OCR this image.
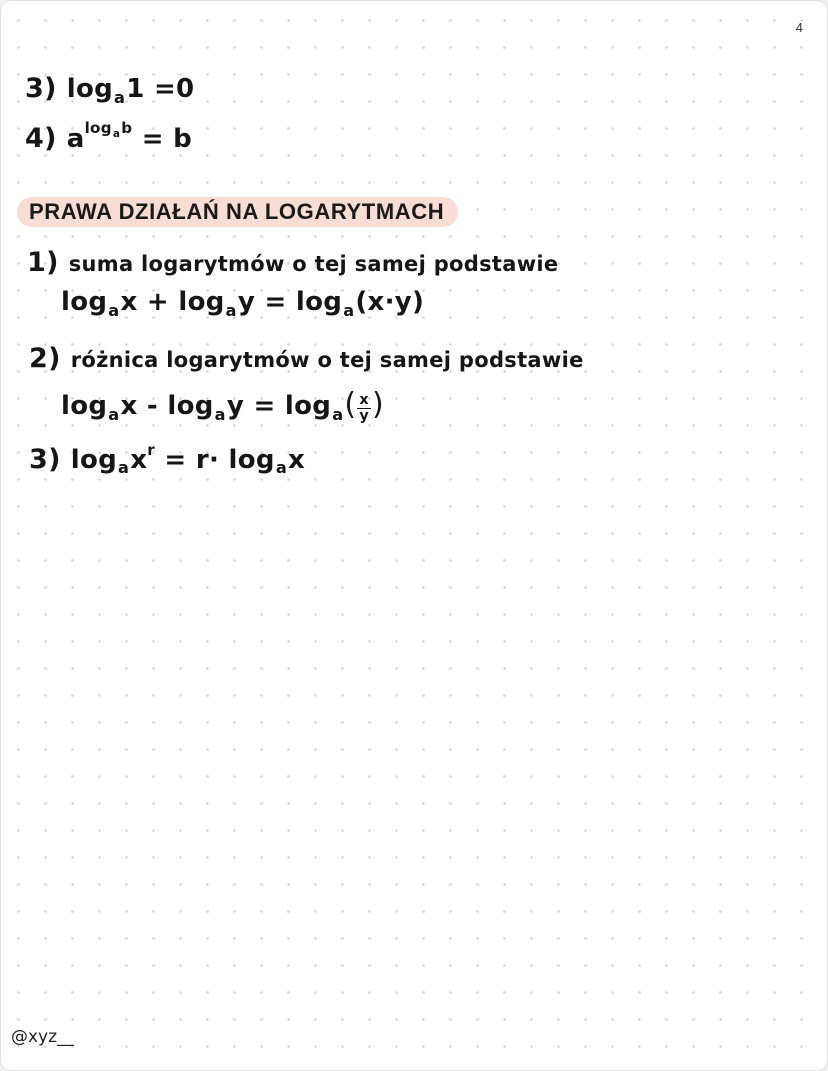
4
3) $\log_a1 =0$
4) $a^{log_ab} = b$
PRAWA DZIAŁAŃ NA LOGARYTMACH
1) suma logarytmów o tej samej podstawie
$\log_ax + \log_ay = \log_a(x\cdot y)$
2) różnica logarytmów o tej samej podstawie
$\log_ax - \log_ay = \log_a( \frac{x}{y}$ )
3) $\log_ax^r = r\cdot \log_ax$
@xyz__
